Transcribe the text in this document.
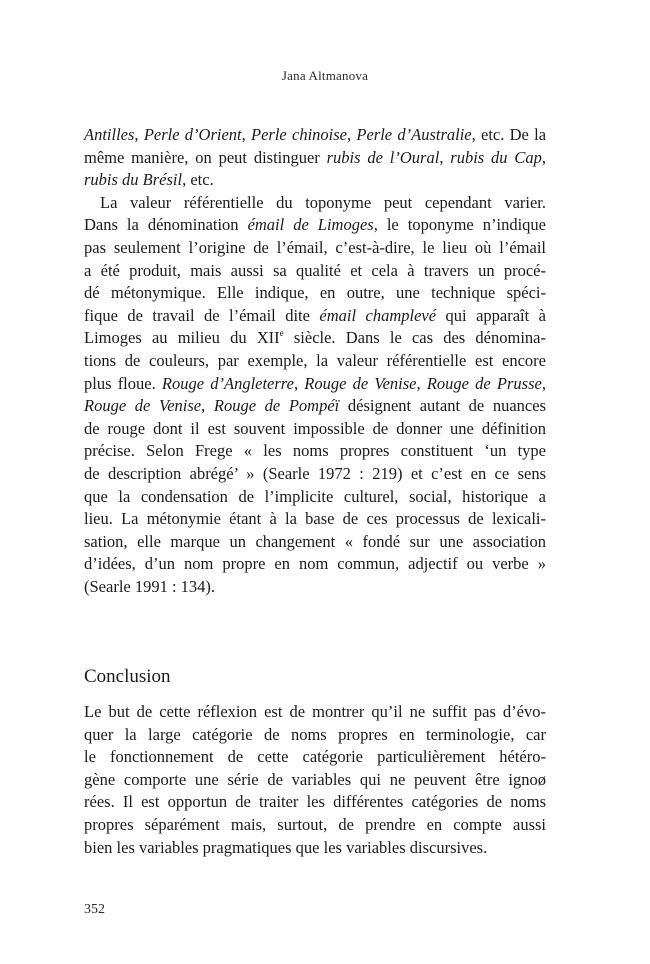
Jana Altmanova
Antilles, Perle d’Orient, Perle chinoise, Perle d’Australie, etc. De la
même manière, on peut distinguer rubis de l’Oural, rubis du Cap,
rubis du Brésil, etc.
La valeur référentielle du toponyme peut cependant varier.
Dans la dénomination émail de Limoges, le toponyme n’indique
pas seulement l’origine de l’émail, c’est-à-dire, le lieu où l’émail
a été produit, mais aussi sa qualité et cela à travers un procé-
dé métonymique. Elle indique, en outre, une technique spéci-
fique de travail de l’émail dite émail champlevé qui apparaît à
Limoges au milieu du XIIe siècle. Dans le cas des dénomina-
tions de couleurs, par exemple, la valeur référentielle est encore
plus floue. Rouge d’Angleterre, Rouge de Venise, Rouge de Prusse,
Rouge de Venise, Rouge de Pompéï désignent autant de nuances
de rouge dont il est souvent impossible de donner une définition
précise. Selon Frege « les noms propres constituent ‘un type
de description abrégé’ » (Searle 1972 : 219) et c’est en ce sens
que la condensation de l’implicite culturel, social, historique a
lieu. La métonymie étant à la base de ces processus de lexicali-
sation, elle marque un changement « fondé sur une association
d’idées, d’un nom propre en nom commun, adjectif ou verbe »
(Searle 1991 : 134).
Conclusion
Le but de cette réflexion est de montrer qu’il ne suffit pas d’évo-
quer la large catégorie de noms propres en terminologie, car
le fonctionnement de cette catégorie particulièrement hétéro-
gène comporte une série de variables qui ne peuvent être ignoø
rées. Il est opportun de traiter les différentes catégories de noms
propres séparément mais, surtout, de prendre en compte aussi
bien les variables pragmatiques que les variables discursives.
352
